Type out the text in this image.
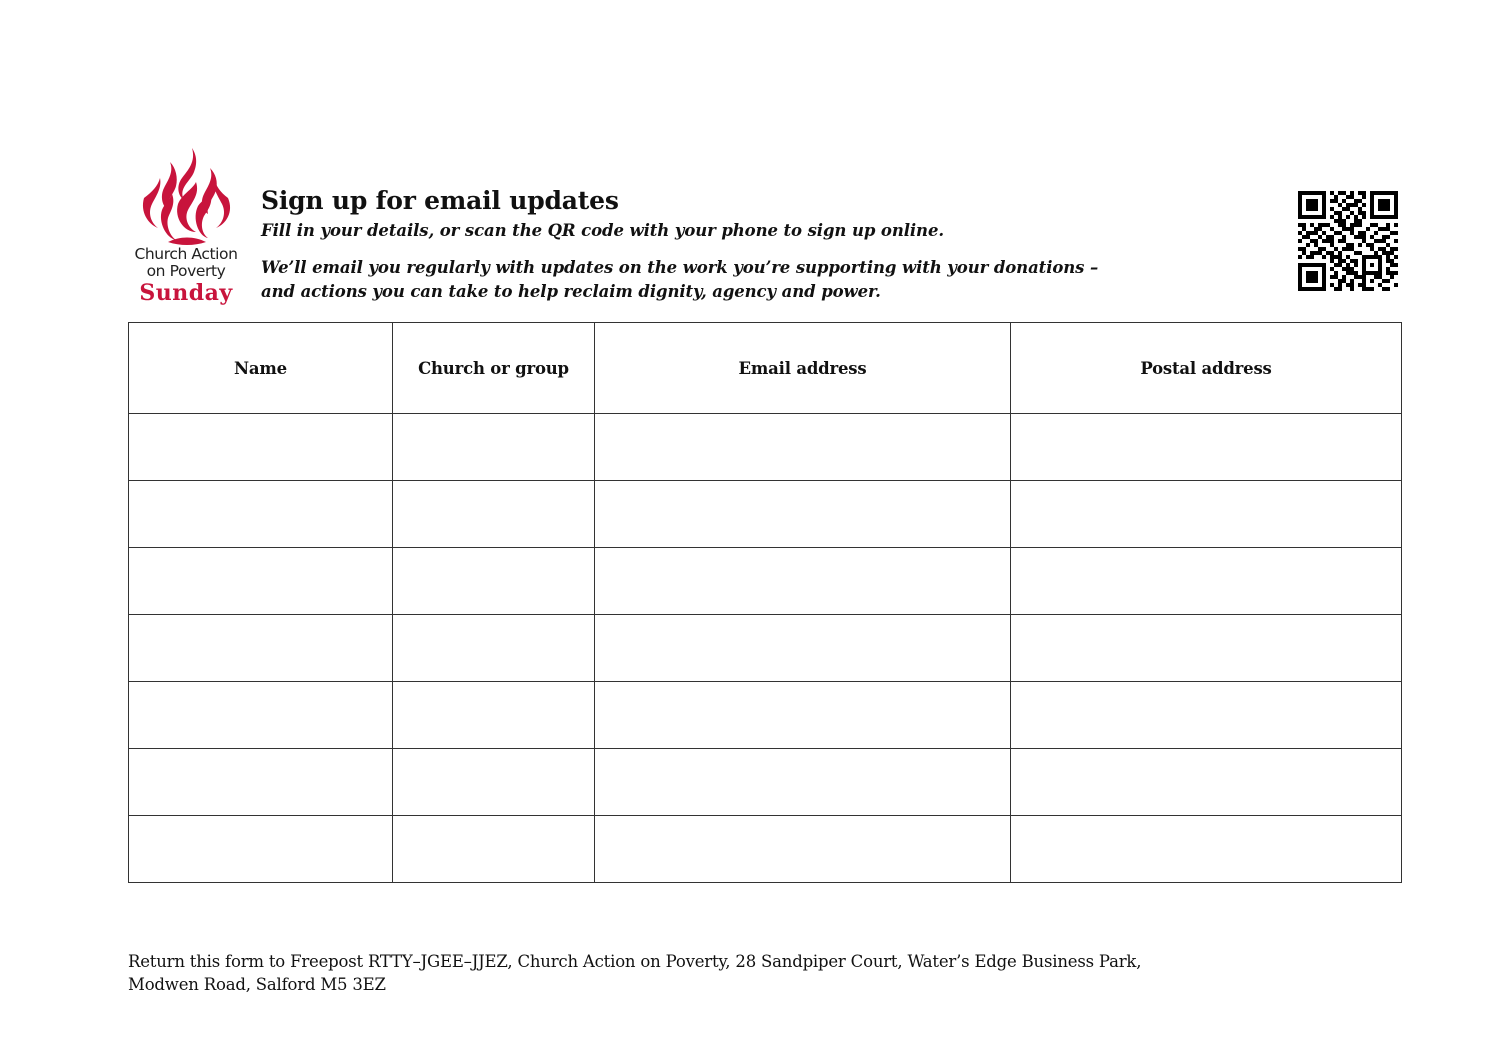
Church Action
on Poverty
Sunday
Sign up for email updates

Fill in your details, or scan the QR code with your phone to sign up online.

We’ll email you regularly with updates on the work you’re supporting with your donations –
and actions you can take to help reclaim dignity, agency and power.

Name	Church or group	Email address	Postal address

Return this form to Freepost RTTY–JGEE–JJEZ, Church Action on Poverty, 28 Sandpiper Court, Water’s Edge Business Park,
Modwen Road, Salford M5 3EZ
